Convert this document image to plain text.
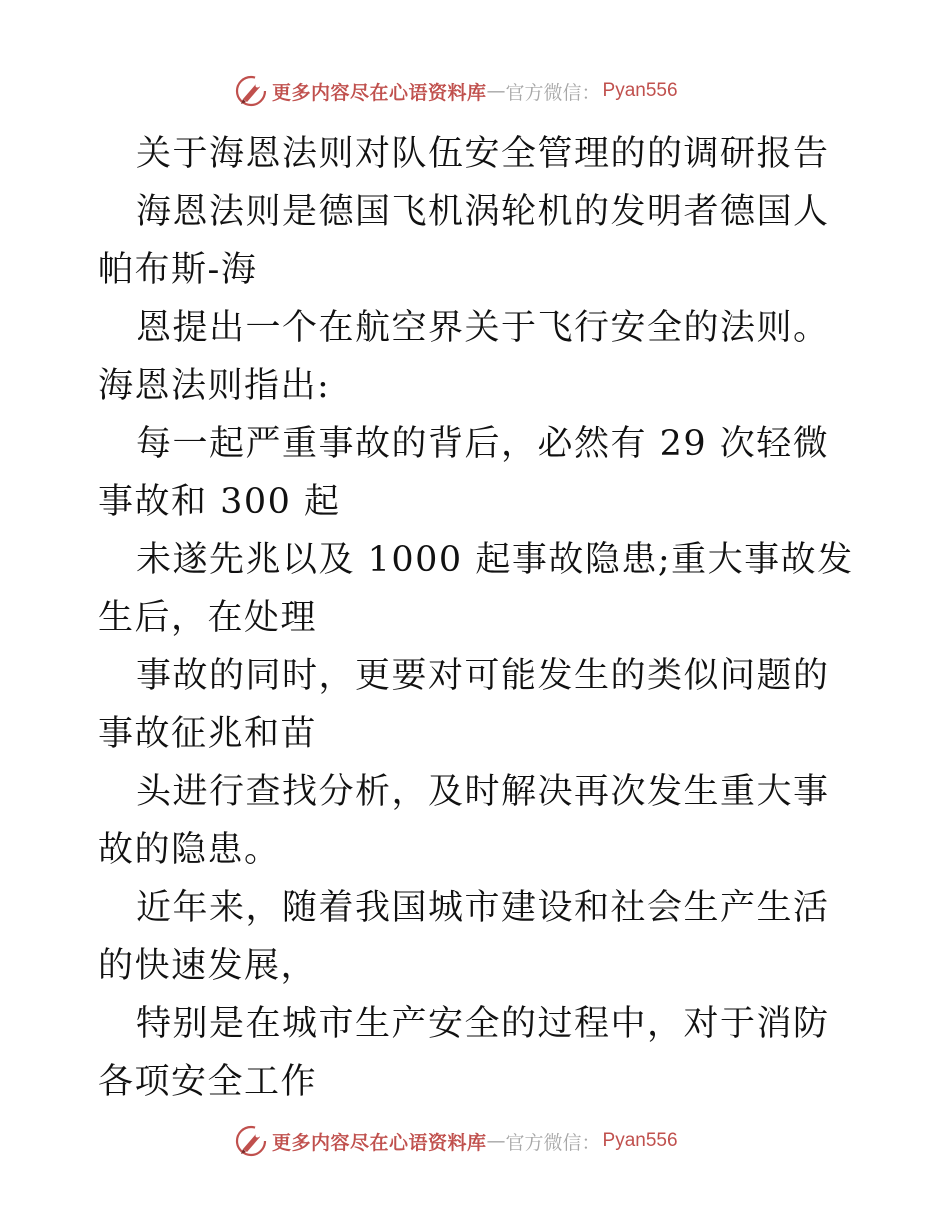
更多内容尽在心语资料库 — 官方微信： Pyan556

关于海恩法则对队伍安全管理的的调研报告

海恩法则是德国飞机涡轮机的发明者德国人帕布斯-海

恩提出一个在航空界关于飞行安全的法则。海恩法则指出:

每一起严重事故的背后，必然有 29 次轻微事故和 300 起

未遂先兆以及 1000 起事故隐患;重大事故发生后，在处理

事故的同时，更要对可能发生的类似问题的事故征兆和苗

头进行查找分析，及时解决再次发生重大事故的隐患。

近年来，随着我国城市建设和社会生产生活的快速发展，

特别是在城市生产安全的过程中，对于消防各项安全工作

更多内容尽在心语资料库 — 官方微信： Pyan556
